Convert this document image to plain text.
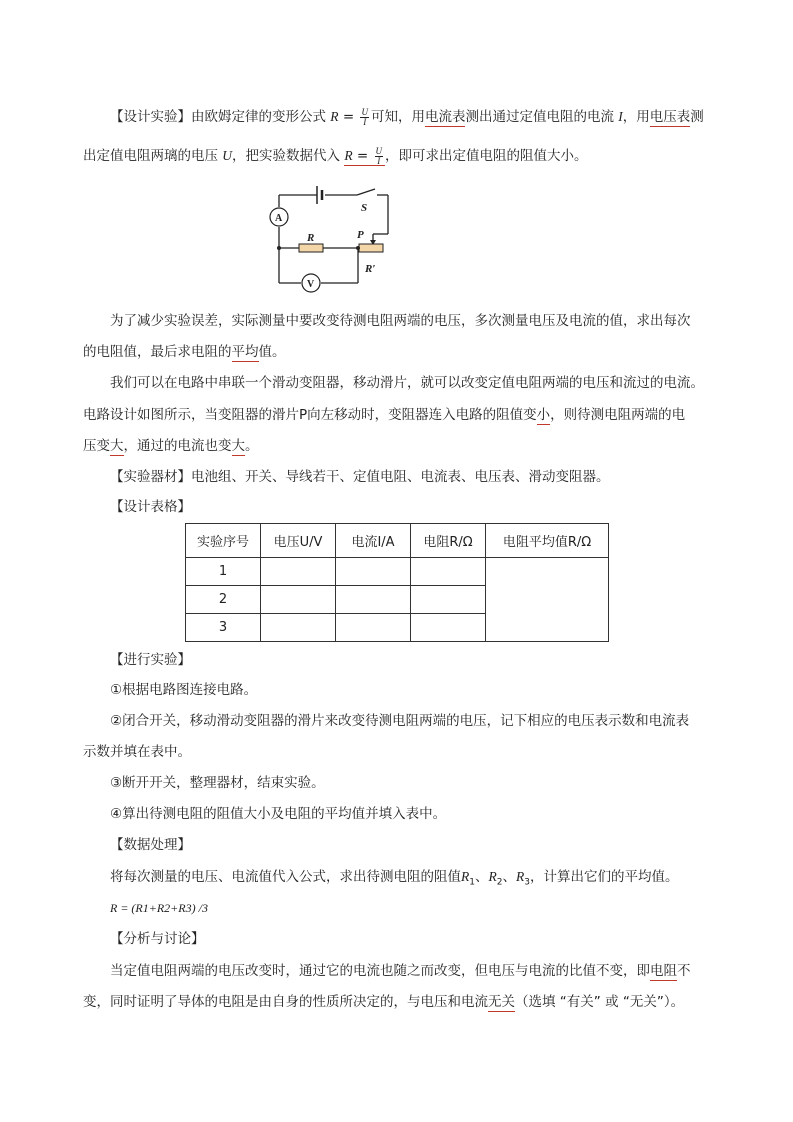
【设计实验】由欧姆定律的变形公式 $R = \frac{U}{I}$ 可知，用电流表测出通过定值电阻的电流 I，用电压表测
出定值电阻两璃的电压 U，把实验数据代入 $R = \frac{U}{I}$ ，即可求出定值电阻的阻值大小。
A
V
S
R	P
R′
为了减少实验误差，实际测量中要改变待测电阻两端的电压，多次测量电压及电流的值，求出每次
的电阻值，最后求电阻的平均值。
我们可以在电路中串联一个滑动变阻器，移动滑片，就可以改变定值电阻两端的电压和流过的电流。
电路设计如图所示，当变阻器的滑片P向左移动时，变阻器连入电路的阻值变小，则待测电阻两端的电
压变大，通过的电流也变大。
【实验器材】电池组、开关、导线若干、定值电阻、电流表、电压表、滑动变阻器。
【设计表格】
实验序号	电压U/V	电流I/A	电阻R/Ω	电阻平均值R/Ω
1				
2				
3				
【进行实验】
①根据电路图连接电路。
②闭合开关，移动滑动变阻器的滑片来改变待测电阻两端的电压，记下相应的电压表示数和电流表
示数并填在表中。
③断开开关，整理器材，结束实验。
④算出待测电阻的阻值大小及电阻的平均值并填入表中。
【数据处理】
将每次测量的电压、电流值代入公式，求出待测电阻的阻值$R_1$、$R_2$、$R_3$，计算出它们的平均值。
R = (R1+R2+R3) /3
【分析与讨论】
当定值电阻两端的电压改变时，通过它的电流也随之而改变，但电压与电流的比值不变，即电阻不
变，同时证明了导体的电阻是由自身的性质所决定的，与电压和电流无关（选填 “有关” 或 “无关”）。
